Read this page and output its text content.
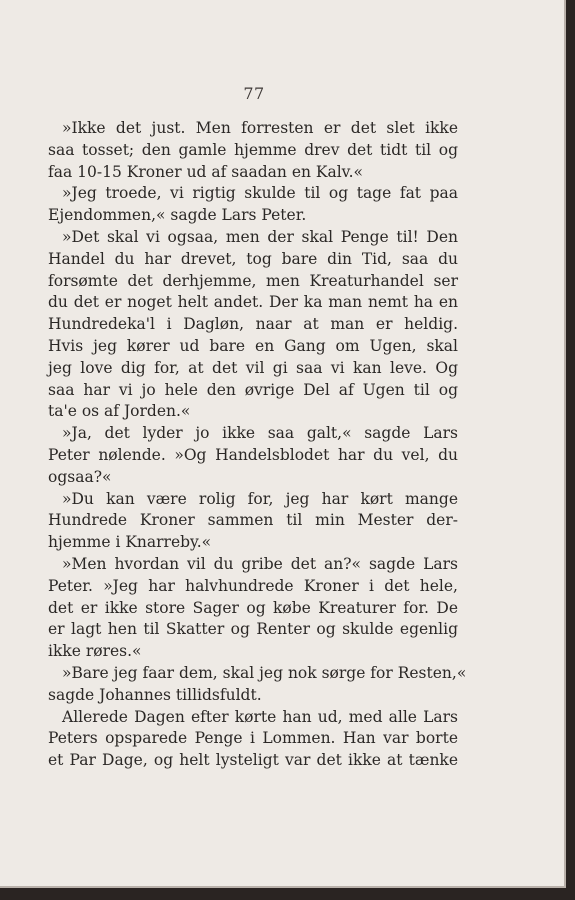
77
»Ikke det just. Men forresten er det slet ikke
saa tosset; den gamle hjemme drev det tidt til og
faa 10-15 Kroner ud af saadan en Kalv.«
»Jeg troede, vi rigtig skulde til og tage fat paa
Ejendommen,« sagde Lars Peter.
»Det skal vi ogsaa, men der skal Penge til! Den
Handel du har drevet, tog bare din Tid, saa du
forsømte det derhjemme, men Kreaturhandel ser
du det er noget helt andet. Der ka man nemt ha en
Hundredeka'l i Dagløn, naar at man er heldig.
Hvis jeg kører ud bare en Gang om Ugen, skal
jeg love dig for, at det vil gi saa vi kan leve. Og
saa har vi jo hele den øvrige Del af Ugen til og
ta'e os af Jorden.«
»Ja, det lyder jo ikke saa galt,« sagde Lars
Peter nølende. »Og Handelsblodet har du vel, du
ogsaa?«
»Du kan være rolig for, jeg har kørt mange
Hundrede Kroner sammen til min Mester der-
hjemme i Knarreby.«
»Men hvordan vil du gribe det an?« sagde Lars
Peter. »Jeg har halvhundrede Kroner i det hele,
det er ikke store Sager og købe Kreaturer for. De
er lagt hen til Skatter og Renter og skulde egenlig
ikke røres.«
»Bare jeg faar dem, skal jeg nok sørge for Resten,«
sagde Johannes tillidsfuldt.
Allerede Dagen efter kørte han ud, med alle Lars
Peters opsparede Penge i Lommen. Han var borte
et Par Dage, og helt lysteligt var det ikke at tænke
